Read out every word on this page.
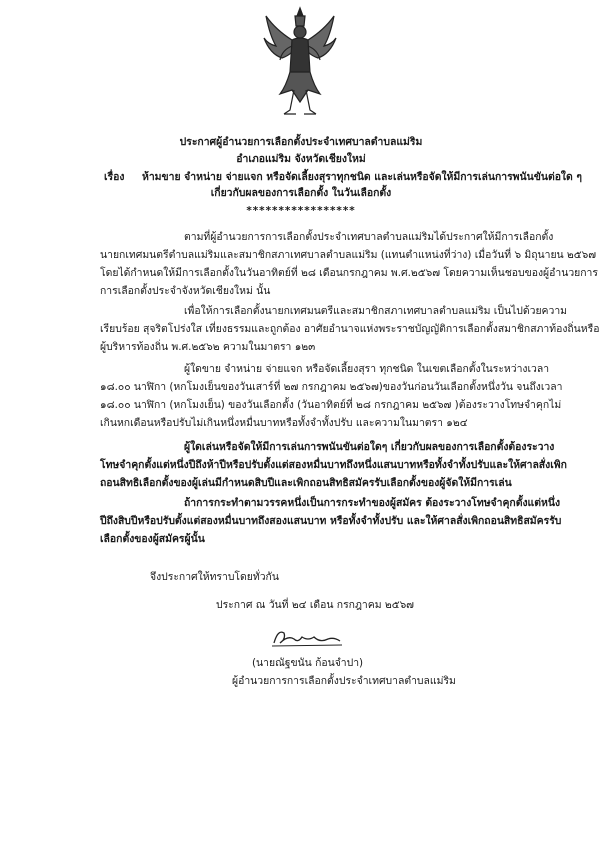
ประกาศผู้อำนวยการเลือกตั้งประจำเทศบาลตำบลแม่ริม
อำเภอแม่ริม จังหวัดเชียงใหม่
เรื่อง ห้ามขาย จำหน่าย จ่ายแจก หรือจัดเลี้ยงสุราทุกชนิด และเล่นหรือจัดให้มีการเล่นการพนันขันต่อใด ๆ
เกี่ยวกับผลของการเลือกตั้ง ในวันเลือกตั้ง
*****************
ตามที่ผู้อำนวยการการเลือกตั้งประจำเทศบาลตำบลแม่ริมได้ประกาศให้มีการเลือกตั้ง
นายกเทศมนตรีตำบลแม่ริมและสมาชิกสภาเทศบาลตำบลแม่ริม (แทนตำแหน่งที่ว่าง) เมื่อวันที่ ๖ มิถุนายน ๒๕๖๗
โดยได้กำหนดให้มีการเลือกตั้งในวันอาทิตย์ที่ ๒๘ เดือนกรกฎาคม พ.ศ.๒๕๖๗ โดยความเห็นชอบของผู้อำนวยการ
การเลือกตั้งประจำจังหวัดเชียงใหม่ นั้น
เพื่อให้การเลือกตั้งนายกเทศมนตรีและสมาชิกสภาเทศบาลตำบลแม่ริม เป็นไปด้วยความ
เรียบร้อย สุจริตโปร่งใส เที่ยงธรรมและถูกต้อง อาศัยอำนาจแห่งพระราชบัญญัติการเลือกตั้งสมาชิกสภาท้องถิ่นหรือ
ผู้บริหารท้องถิ่น พ.ศ.๒๕๖๒ ความในมาตรา ๑๒๓
ผู้ใดขาย จำหน่าย จ่ายแจก หรือจัดเลี้ยงสุรา ทุกชนิด ในเขตเลือกตั้งในระหว่างเวลา
๑๘.๐๐ นาฬิกา (หกโมงเย็นของวันเสาร์ที่ ๒๗ กรกฎาคม ๒๕๖๗)ของวันก่อนวันเลือกตั้งหนึ่งวัน จนถึงเวลา
๑๘.๐๐ นาฬิกา (หกโมงเย็น) ของวันเลือกตั้ง (วันอาทิตย์ที่ ๒๘ กรกฎาคม ๒๕๖๗ )ต้องระวางโทษจำคุกไม่
เกินหกเดือนหรือปรับไม่เกินหนึ่งหมื่นบาทหรือทั้งจำทั้งปรับ และความในมาตรา ๑๒๔
ผู้ใดเล่นหรือจัดให้มีการเล่นการพนันขันต่อใดๆ เกี่ยวกับผลของการเลือกตั้งต้องระวาง
โทษจำคุกตั้งแต่หนึ่งปีถึงห้าปีหรือปรับตั้งแต่สองหมื่นบาทถึงหนึ่งแสนบาทหรือทั้งจำทั้งปรับและให้ศาลสั่งเพิก
ถอนสิทธิเลือกตั้งของผู้เล่นมีกำหนดสิบปีและเพิกถอนสิทธิสมัครรับเลือกตั้งของผู้จัดให้มีการเล่น
ถ้าการกระทำตามวรรคหนึ่งเป็นการกระทำของผู้สมัคร ต้องระวางโทษจำคุกตั้งแต่หนึ่ง
ปีถึงสิบปีหรือปรับตั้งแต่สองหมื่นบาทถึงสองแสนบาท หรือทั้งจำทั้งปรับ และให้ศาลสั่งเพิกถอนสิทธิสมัครรับ
เลือกตั้งของผู้สมัครผู้นั้น
จึงประกาศให้ทราบโดยทั่วกัน
ประกาศ ณ วันที่ ๒๔ เดือน กรกฎาคม ๒๕๖๗
(นายณัฐขนัน ก้อนจำปา)
ผู้อำนวยการการเลือกตั้งประจำเทศบาลตำบลแม่ริม
